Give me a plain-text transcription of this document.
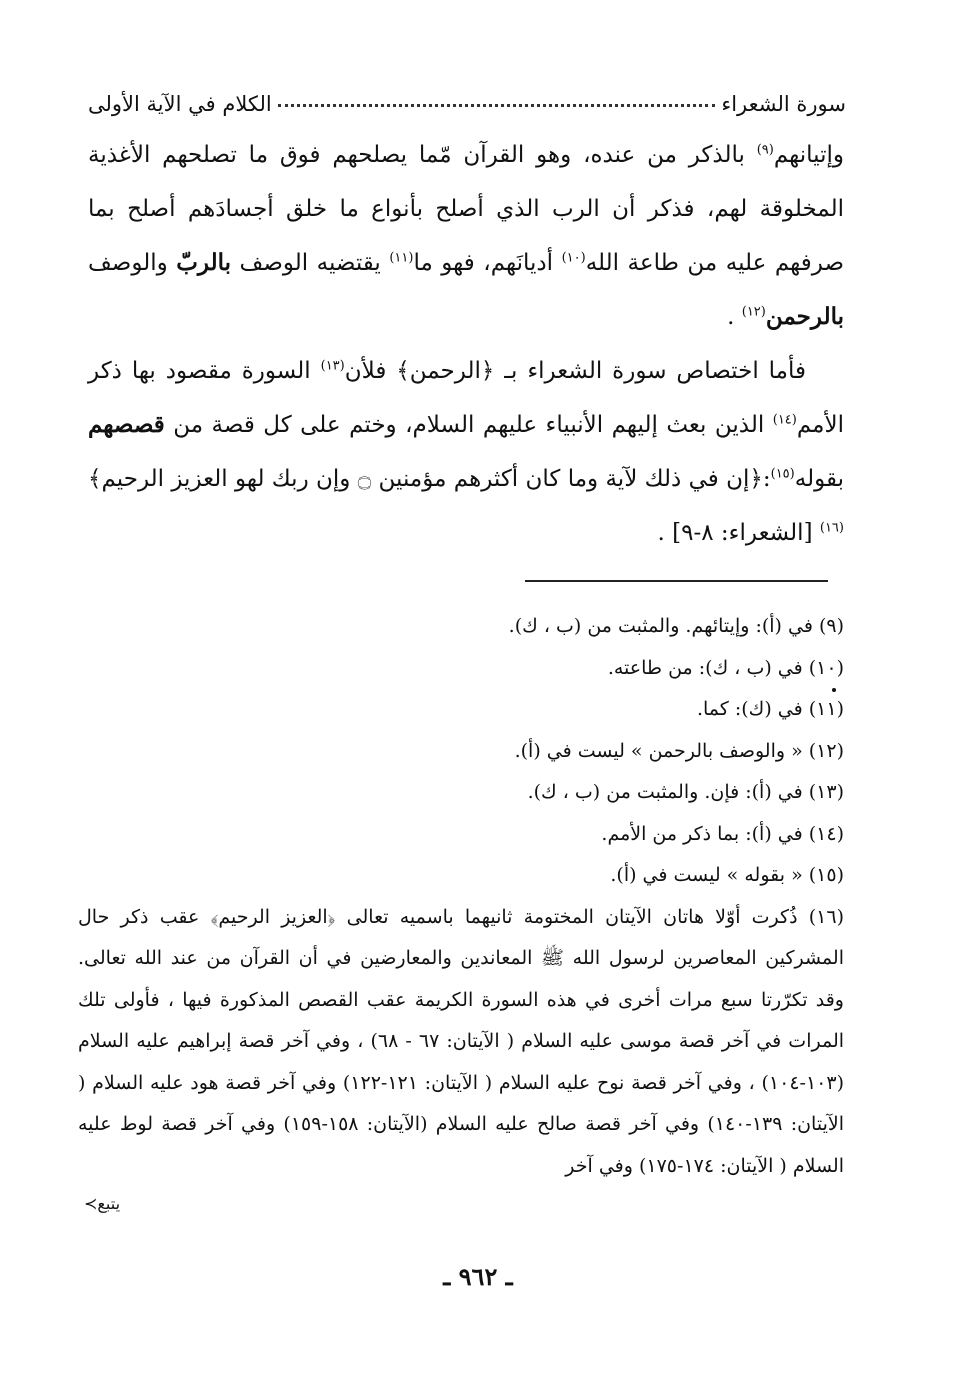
سورة الشعراء
الكلام في الآية الأولى

وإتيانهم$^{(٩)}$ بالذكر من عنده، وهو القرآن مّما يصلحهم فوق ما تصلحهم الأغذية المخلوقة لهم، فذكر أن الرب الذي أصلح بأنواع ما خلق أجسادَهم أصلح بما صرفهم عليه من طاعة الله$^{(١٠)}$ أديانَهم، فهو ما$^{(١١)}$ يقتضيه الوصف بالربّ والوصف بالرحمن$^{(١٢)}$ .

فأما اختصاص سورة الشعراء بـ ﴿الرحمن﴾ فلأن$^{(١٣)}$ السورة مقصود بها ذكر الأمم$^{(١٤)}$ الذين بعث إليهم الأنبياء عليهم السلام، وختم على كل قصة من قصصهم بقوله$^{(١٥)}$:﴿إن في ذلك لآية وما كان أكثرهم مؤمنين ۝ وإن ربك لهو العزيز الرحيم﴾$^{(١٦)}$ [الشعراء: ٨-٩] .

(٩) في (أ): وإيتائهم. والمثبت من (ب ، ك).

(١٠) في (ب ، ك): من طاعته.

(١١) في (ك): كما.

(١٢) « والوصف بالرحمن » ليست في (أ).

(١٣) في (أ): فإن. والمثبت من (ب ، ك).

(١٤) في (أ): بما ذكر من الأمم.

(١٥) « بقوله » ليست في (أ).

(١٦) ذُكرت أوّلا هاتان الآيتان المختومة ثانيهما باسميه تعالى ﴿العزيز الرحيم﴾ عقب ذكر حال المشركين المعاصرين لرسول الله ﷺ المعاندين والمعارضين في أن القرآن من عند الله تعالى. وقد تكرّرتا سبع مرات أخرى في هذه السورة الكريمة عقب القصص المذكورة فيها ، فأولى تلك المرات في آخر قصة موسى عليه السلام ( الآيتان: ٦٧ - ٦٨) ، وفي آخر قصة إبراهيم عليه السلام (١٠٣-١٠٤) ، وفي آخر قصة نوح عليه السلام ( الآيتان: ١٢١-١٢٢) وفي آخر قصة هود عليه السلام ( الآيتان: ١٣٩-١٤٠) وفي آخر قصة صالح عليه السلام (الآيتان: ١٥٨-١٥٩) وفي آخر قصة لوط عليه السلام ( الآيتان: ١٧٤-١٧٥) وفي آخر

يتبع≻
ـ ٩٦٢ ـ
